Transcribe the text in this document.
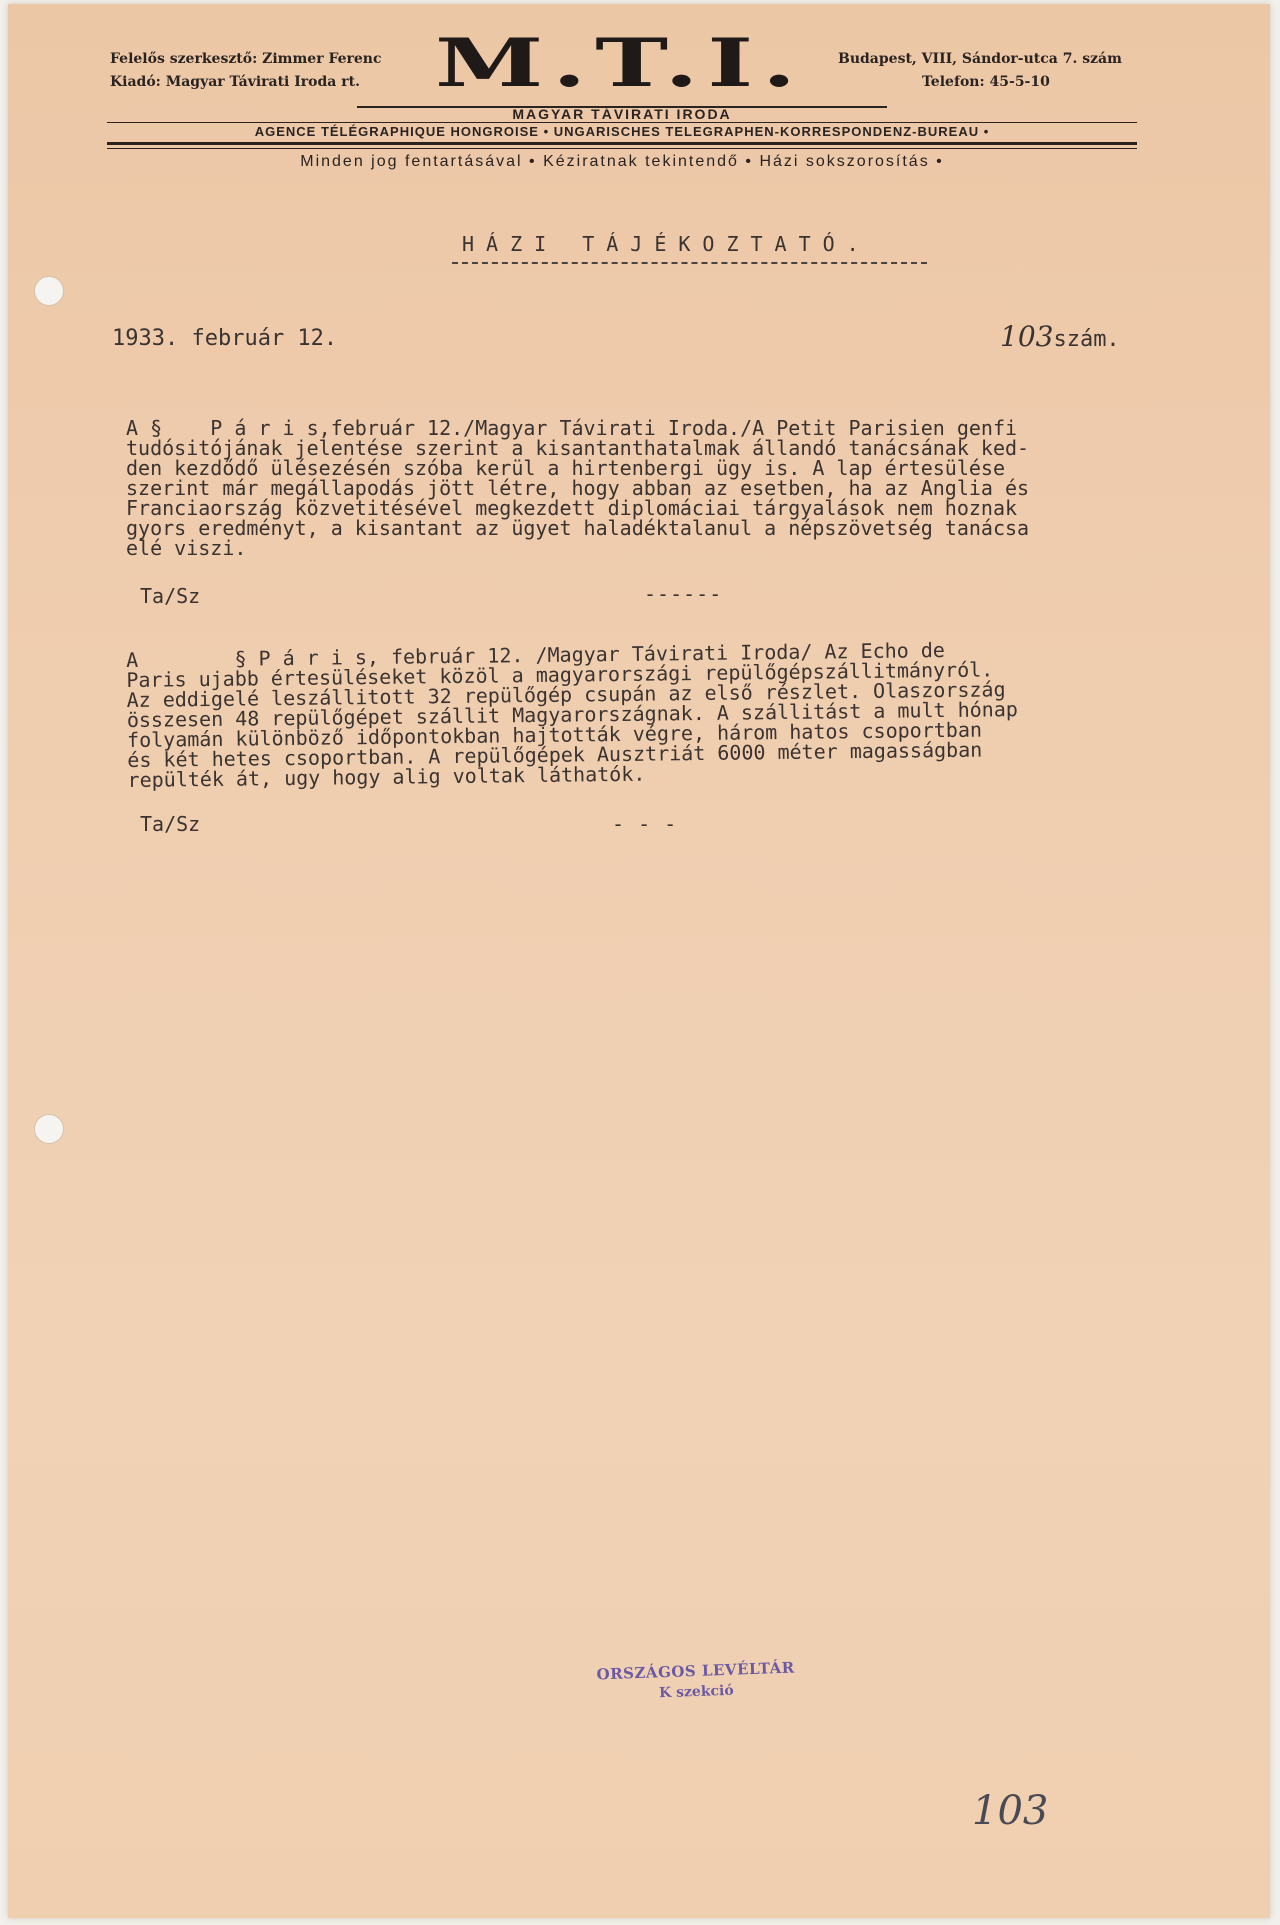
Felelős szerkesztő: Zimmer Ferenc
Kiadó: Magyar Távirati Iroda rt.	M.T.I. Budapest, VIII, Sándor-utca 7. szám
Telefon: 45-5-10
MAGYAR TÁVIRATI IRODA
AGENCE TÉLÉGRAPHIQUE HONGROISE • UNGARISCHES TELEGRAPHEN-KORRESPONDENZ-BUREAU •
Minden jog fentartásával • Kéziratnak tekintendő • Házi sokszorosítás •
HÁZI TÁJÉKOZTATÓ.
1933. február 12.	103szám.
A §    P á r i s,február 12./Magyar Távirati Iroda./A Petit Parisien genfi
tudósitójának jelentése szerint a kisantanthatalmak állandó tanácsának ked-
den kezdődő ülésezésén szóba kerül a hirtenbergi ügy is. A lap értesülése
szerint már megállapodás jött létre, hogy abban az esetben, ha az Anglia és
Franciaország közvetitésével megkezdett diplomáciai tárgyalások nem hoznak
gyors eredményt, a kisantant az ügyet haladéktalanul a népszövetség tanácsa
elé viszi.
Ta/Sz	------
A        § P á r i s, február 12. /Magyar Távirati Iroda/ Az Echo de
Paris ujabb értesüléseket közöl a magyarországi repülőgépszállitmányról.
Az eddigelé leszállitott 32 repülőgép csupán az első részlet. Olaszország
összesen 48 repülőgépet szállit Magyarországnak. A szállitást a mult hónap
folyamán különböző időpontokban hajtották végre, három hatos csoportban
és két hetes csoportban. A repülőgépek Ausztriát 6000 méter magasságban
repülték át, ugy hogy alig voltak láthatók.
Ta/Sz	- - -
ORSZÁGOS LEVÉLTÁR
K szekció
103
